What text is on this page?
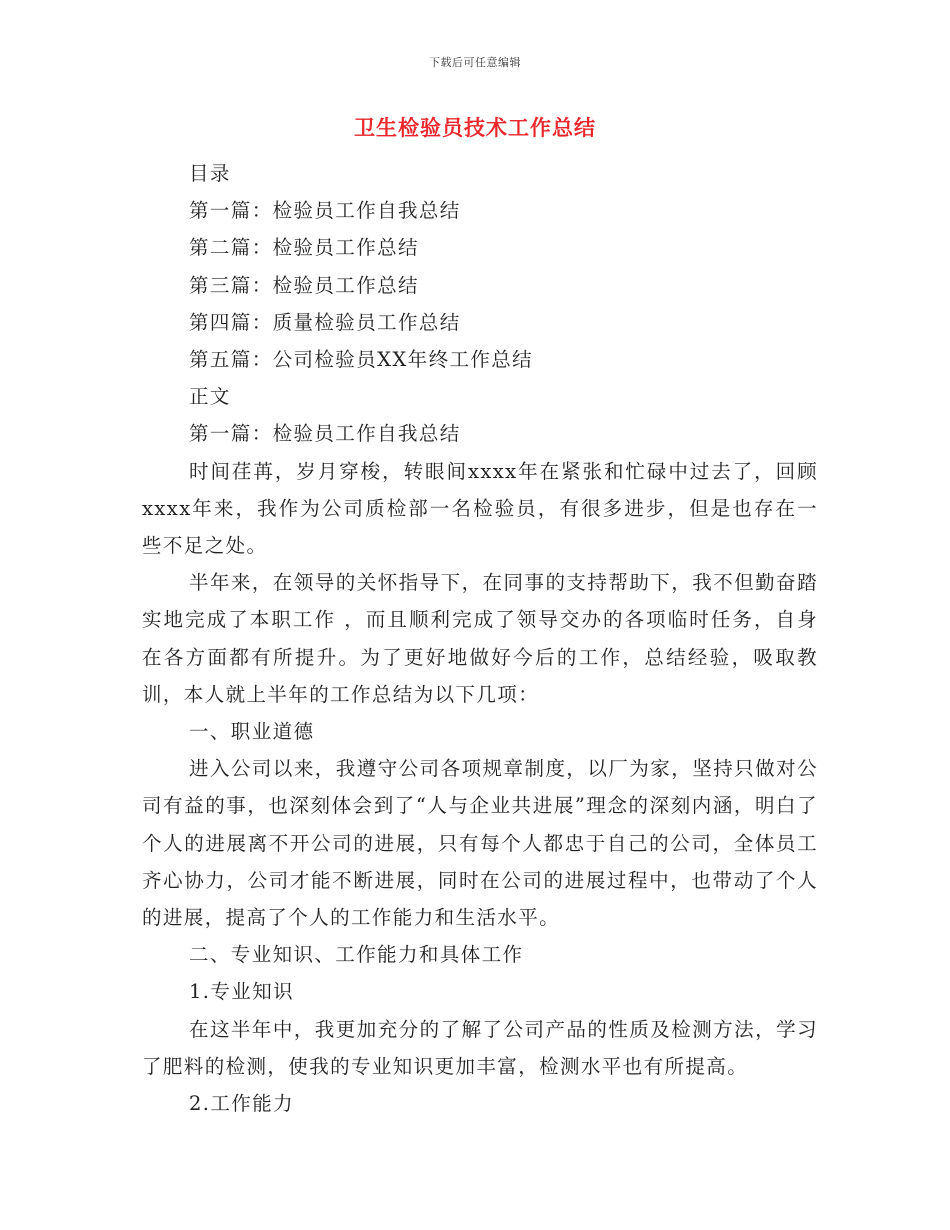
下载后可任意编辑
卫生检验员技术工作总结
目录
第一篇：检验员工作自我总结
第二篇：检验员工作总结
第三篇：检验员工作总结
第四篇：质量检验员工作总结
第五篇：公司检验员XX年终工作总结
正文
第一篇：检验员工作自我总结

时间荏苒，岁月穿梭，转眼间xxxx年在紧张和忙碌中过去了，回顾xxxx年来，我作为公司质检部一名检验员，有很多进步，但是也存在一些不足之处。

半年来，在领导的关怀指导下，在同事的支持帮助下，我不但勤奋踏实地完成了本职工作 ，而且顺利完成了领导交办的各项临时任务，自身在各方面都有所提升。为了更好地做好今后的工作，总结经验，吸取教训，本人就上半年的工作总结为以下几项：

一、职业道德

进入公司以来，我遵守公司各项规章制度，以厂为家，坚持只做对公司有益的事，也深刻体会到了“人与企业共进展”理念的深刻内涵，明白了个人的进展离不开公司的进展，只有每个人都忠于自己的公司，全体员工齐心协力，公司才能不断进展，同时在公司的进展过程中，也带动了个人的进展，提高了个人的工作能力和生活水平。

二、专业知识、工作能力和具体工作
1.专业知识

在这半年中，我更加充分的了解了公司产品的性质及检测方法，学习了肥料的检测，使我的专业知识更加丰富，检测水平也有所提高。

2.工作能力
